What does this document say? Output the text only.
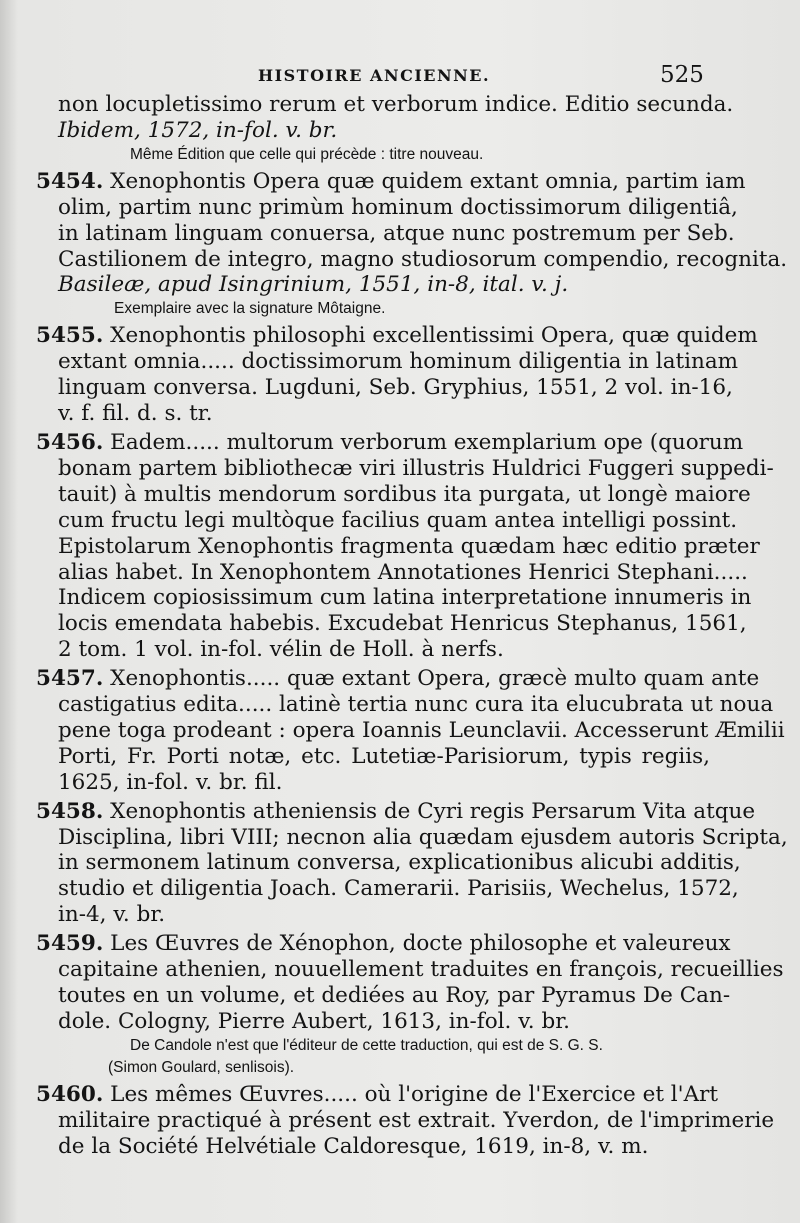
HISTOIRE ANCIENNE.	525
non locupletissimo rerum et verborum indice. Editio secunda.
Ibidem, 1572, in-fol. v. br.
Même Édition que celle qui précède : titre nouveau.
5454. Xenophontis Opera quæ quidem extant omnia, partim iam
olim, partim nunc primùm hominum doctissimorum diligentiâ,
in latinam linguam conuersa, atque nunc postremum per Seb.
Castilionem de integro, magno studiosorum compendio, recognita.
Basileæ, apud Isingrinium, 1551, in-8, ital. v. j.
Exemplaire avec la signature Môtaigne.
5455. Xenophontis philosophi excellentissimi Opera, quæ quidem
extant omnia..... doctissimorum hominum diligentia in latinam
linguam conversa. Lugduni, Seb. Gryphius, 1551, 2 vol. in-16,
v. f. fil. d. s. tr.
5456. Eadem..... multorum verborum exemplarium ope (quorum
bonam partem bibliothecæ viri illustris Huldrici Fuggeri suppedi-
tauit) à multis mendorum sordibus ita purgata, ut longè maiore
cum fructu legi multòque facilius quam antea intelligi possint.
Epistolarum Xenophontis fragmenta quædam hæc editio præter
alias habet. In Xenophontem Annotationes Henrici Stephani.....
Indicem copiosissimum cum latina interpretatione innumeris in
locis emendata habebis. Excudebat Henricus Stephanus, 1561,
2 tom. 1 vol. in-fol. vélin de Holl. à nerfs.
5457. Xenophontis..... quæ extant Opera, græcè multo quam ante
castigatius edita..... latinè tertia nunc cura ita elucubrata ut noua
pene toga prodeant : opera Ioannis Leunclavii. Accesserunt Æmilii
Porti, Fr. Porti notæ, etc. Lutetiæ-Parisiorum, typis regiis,
1625, in-fol. v. br. fil.
5458. Xenophontis atheniensis de Cyri regis Persarum Vita atque
Disciplina, libri VIII; necnon alia quædam ejusdem autoris Scripta,
in sermonem latinum conversa, explicationibus alicubi additis,
studio et diligentia Joach. Camerarii. Parisiis, Wechelus, 1572,
in-4, v. br.
5459. Les Œuvres de Xénophon, docte philosophe et valeureux
capitaine athenien, nouuellement traduites en françois, recueillies
toutes en un volume, et dediées au Roy, par Pyramus De Can-
dole. Cologny, Pierre Aubert, 1613, in-fol. v. br.
De Candole n'est que l'éditeur de cette traduction, qui est de S. G. S.
(Simon Goulard, senlisois).
5460. Les mêmes Œuvres..... où l'origine de l'Exercice et l'Art
militaire practiqué à présent est extrait. Yverdon, de l'imprimerie
de la Société Helvétiale Caldoresque, 1619, in-8, v. m.
